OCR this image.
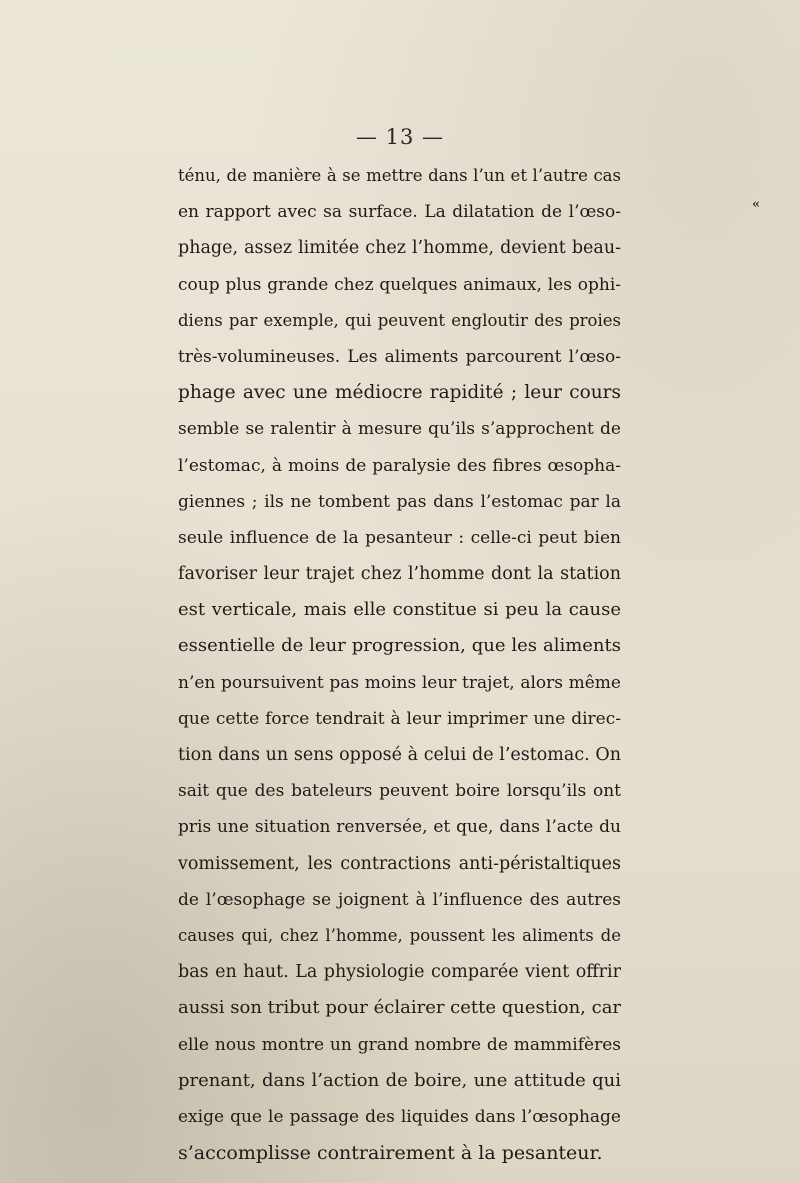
— 13 —
«
ténu, de manière à se mettre dans l’un et l’autre cas
en rapport avec sa surface. La dilatation de l’œso-
phage, assez limitée chez l’homme, devient beau-
coup plus grande chez quelques animaux, les ophi-
diens par exemple, qui peuvent engloutir des proies
très-volumineuses. Les aliments parcourent l’œso-
phage avec une médiocre rapidité ; leur cours
semble se ralentir à mesure qu’ils s’approchent de
l’estomac, à moins de paralysie des fibres œsopha-
giennes ; ils ne tombent pas dans l’estomac par la
seule influence de la pesanteur : celle-ci peut bien
favoriser leur trajet chez l’homme dont la station
est verticale, mais elle constitue si peu la cause
essentielle de leur progression, que les aliments
n’en poursuivent pas moins leur trajet, alors même
que cette force tendrait à leur imprimer une direc-
tion dans un sens opposé à celui de l’estomac. On
sait que des bateleurs peuvent boire lorsqu’ils ont
pris une situation renversée, et que, dans l’acte du
vomissement, les contractions anti-péristaltiques
de l’œsophage se joignent à l’influence des autres
causes qui, chez l’homme, poussent les aliments de
bas en haut. La physiologie comparée vient offrir
aussi son tribut pour éclairer cette question, car
elle nous montre un grand nombre de mammifères
prenant, dans l’action de boire, une attitude qui
exige que le passage des liquides dans l’œsophage
s’accomplisse contrairement à la pesanteur.
